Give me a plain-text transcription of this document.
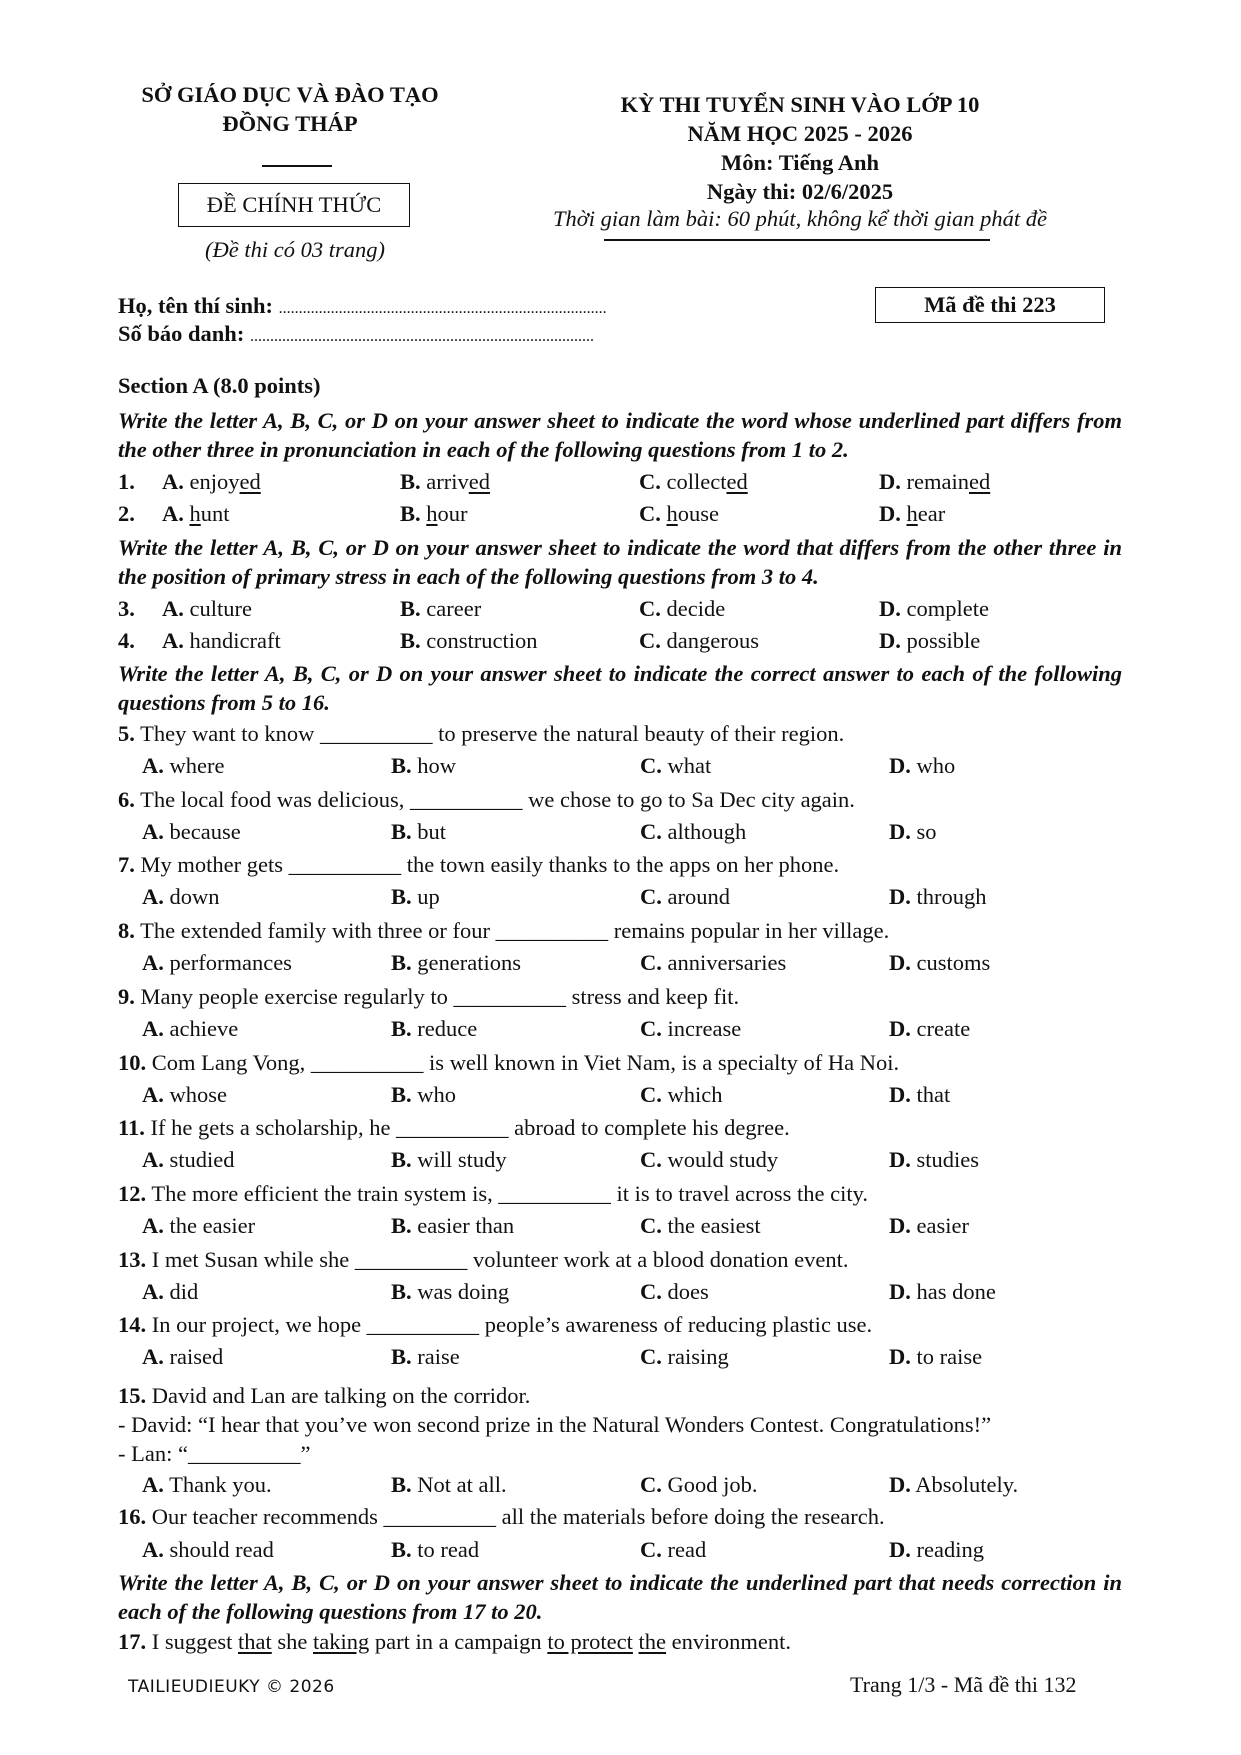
SỞ GIÁO DỤC VÀ ĐÀO TẠO
ĐỒNG THÁP
ĐỀ CHÍNH THỨC
(Đề thi có 03 trang)
KỲ THI TUYỂN SINH VÀO LỚP 10
NĂM HỌC 2025 - 2026
Môn: Tiếng Anh
Ngày thi: 02/6/2025
Thời gian làm bài: 60 phút, không kể thời gian phát đề
Họ, tên thí sinh: ..................................................................................
Số báo danh: ......................................................................................
Mã đề thi 223
Section A (8.0 points)
Write the letter A, B, C, or D on your answer sheet to indicate the word whose underlined part differs from the other three in pronunciation in each of the following questions from 1 to 2.
1. A. enjoyed	B. arrived	C. collected	D. remained
2. A. hunt	B. hour	C. house	D. hear
Write the letter A, B, C, or D on your answer sheet to indicate the word that differs from the other three in the position of primary stress in each of the following questions from 3 to 4.
3. A. culture	B. career	C. decide	D. complete
4. A. handicraft	B. construction	C. dangerous	D. possible
Write the letter A, B, C, or D on your answer sheet to indicate the correct answer to each of the following questions from 5 to 16.
5. They want to know __________ to preserve the natural beauty of their region.
A. where	B. how	C. what	D. who
6. The local food was delicious, __________ we chose to go to Sa Dec city again.
A. because	B. but	C. although	D. so
7. My mother gets __________ the town easily thanks to the apps on her phone.
A. down	B. up	C. around	D. through
8. The extended family with three or four __________ remains popular in her village.
A. performances	B. generations	C. anniversaries	D. customs
9. Many people exercise regularly to __________ stress and keep fit.
A. achieve	B. reduce	C. increase	D. create
10. Com Lang Vong, __________ is well known in Viet Nam, is a specialty of Ha Noi.
A. whose	B. who	C. which	D. that
11. If he gets a scholarship, he __________ abroad to complete his degree.
A. studied	B. will study	C. would study	D. studies
12. The more efficient the train system is, __________ it is to travel across the city.
A. the easier	B. easier than	C. the easiest	D. easier
13. I met Susan while she __________ volunteer work at a blood donation event.
A. did	B. was doing	C. does	D. has done
14. In our project, we hope __________ people’s awareness of reducing plastic use.
A. raised	B. raise	C. raising	D. to raise
15. David and Lan are talking on the corridor.
- David: “I hear that you’ve won second prize in the Natural Wonders Contest. Congratulations!”
- Lan: “__________”
A. Thank you.	B. Not at all.	C. Good job.	D. Absolutely.
16. Our teacher recommends __________ all the materials before doing the research.
A. should read	B. to read	C. read	D. reading
Write the letter A, B, C, or D on your answer sheet to indicate the underlined part that needs correction in each of the following questions from 17 to 20.
17. I suggest that she taking part in a campaign to protect the environment.
TAILIEUDIEUKY © 2026	Trang 1/3 - Mã đề thi 132
